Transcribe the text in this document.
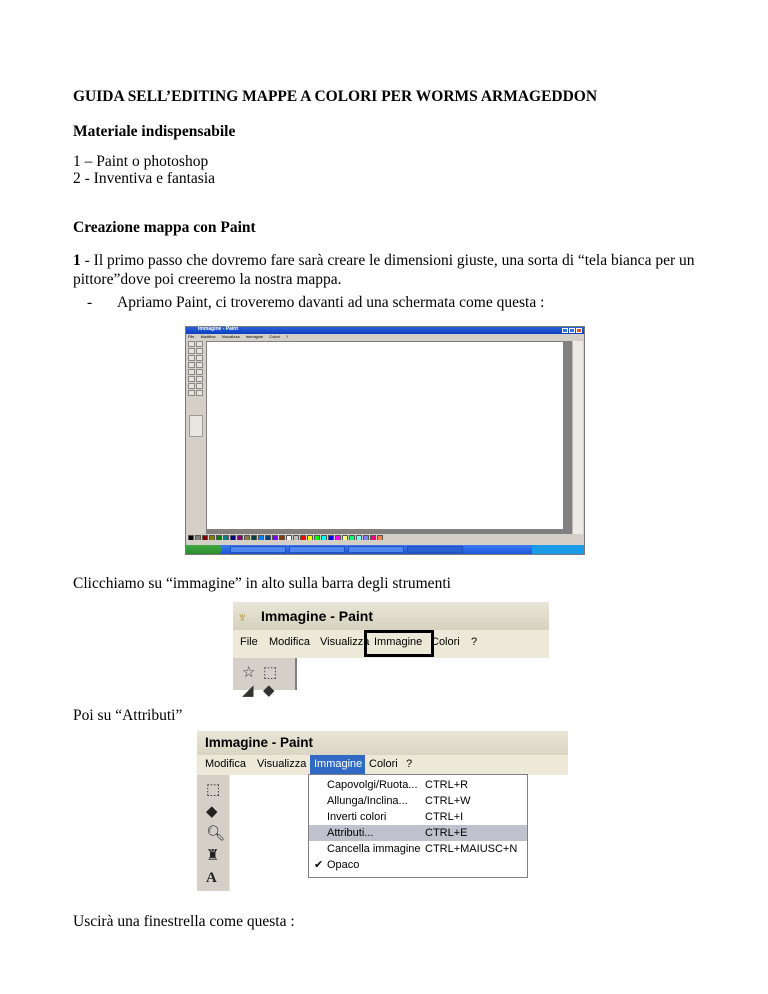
GUIDA SELL’EDITING MAPPE A COLORI PER WORMS ARMAGEDDON
Materiale indispensabile
1 – Paint o photoshop
2 - Inventiva e fantasia
Creazione mappa con Paint
1 - Il primo passo che dovremo fare sarà creare le dimensioni giuste, una sorta di “tela bianca per un pittore”dove poi creeremo la nostra mappa.
- Apriamo Paint, ci troveremo davanti ad una schermata come questa :
Clicchiamo su “immagine” in alto sulla barra degli strumenti
Poi su “Attributi”
Uscirà una finestrella come questa :
Immagine - Paint
File Modifica Visualizza Immagine Colori ?
♆ Immagine - Paint
File Modifica Visualizza Immagine Colori ?
☆ ⬚
◢ ◆
Immagine - Paint
Modifica Visualizza Immagine Colori ?
⬚
◆
🔍︎
♜
A
Capovolgi/Ruota... CTRL+R
Allunga/Inclina... CTRL+W
Inverti colori	CTRL+I
Attributi...	CTRL+E
Cancella immagine CTRL+MAIUSC+N
✔ Opaco
